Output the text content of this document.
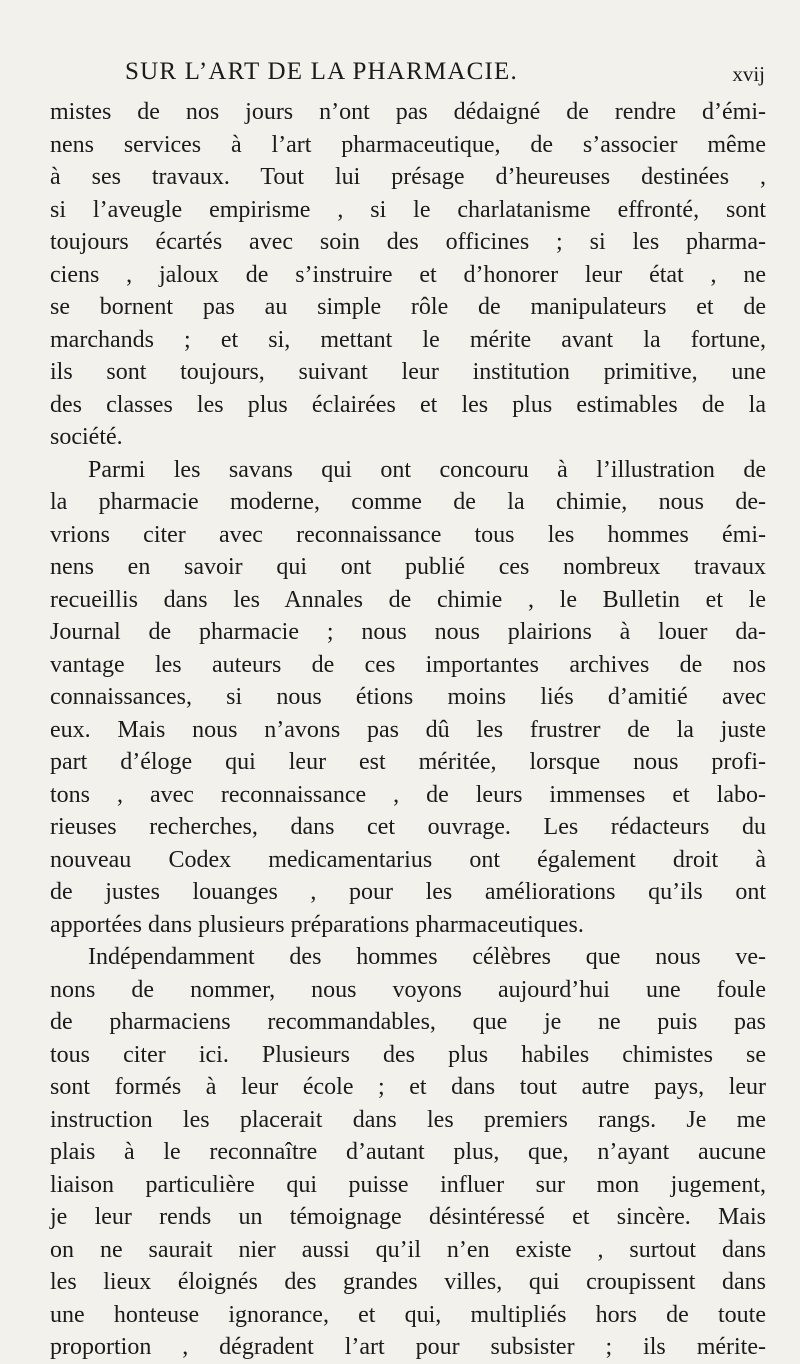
SUR L’ART DE LA PHARMACIE.	xvij
mistes de nos jours n’ont pas dédaigné de rendre d’émi-
nens services à l’art pharmaceutique, de s’associer même
à ses travaux. Tout lui présage d’heureuses destinées ,
si l’aveugle empirisme , si le charlatanisme effronté, sont
toujours écartés avec soin des officines ; si les pharma-
ciens , jaloux de s’instruire et d’honorer leur état , ne
se bornent pas au simple rôle de manipulateurs et de
marchands ; et si, mettant le mérite avant la fortune,
ils sont toujours, suivant leur institution primitive, une
des classes les plus éclairées et les plus estimables de la
société.
Parmi les savans qui ont concouru à l’illustration de
la pharmacie moderne, comme de la chimie, nous de-
vrions citer avec reconnaissance tous les hommes émi-
nens en savoir qui ont publié ces nombreux travaux
recueillis dans les Annales de chimie , le Bulletin et le
Journal de pharmacie ; nous nous plairions à louer da-
vantage les auteurs de ces importantes archives de nos
connaissances, si nous étions moins liés d’amitié avec
eux. Mais nous n’avons pas dû les frustrer de la juste
part d’éloge qui leur est méritée, lorsque nous profi-
tons , avec reconnaissance , de leurs immenses et labo-
rieuses recherches, dans cet ouvrage. Les rédacteurs du
nouveau Codex medicamentarius ont également droit à
de justes louanges , pour les améliorations qu’ils ont
apportées dans plusieurs préparations pharmaceutiques.
Indépendamment des hommes célèbres que nous ve-
nons de nommer, nous voyons aujourd’hui une foule
de pharmaciens recommandables, que je ne puis pas
tous citer ici. Plusieurs des plus habiles chimistes se
sont formés à leur école ; et dans tout autre pays, leur
instruction les placerait dans les premiers rangs. Je me
plais à le reconnaître d’autant plus, que, n’ayant aucune
liaison particulière qui puisse influer sur mon jugement,
je leur rends un témoignage désintéressé et sincère. Mais
on ne saurait nier aussi qu’il n’en existe , surtout dans
les lieux éloignés des grandes villes, qui croupissent dans
une honteuse ignorance, et qui, multipliés hors de toute
proportion , dégradent l’art pour subsister ; ils mérite-
